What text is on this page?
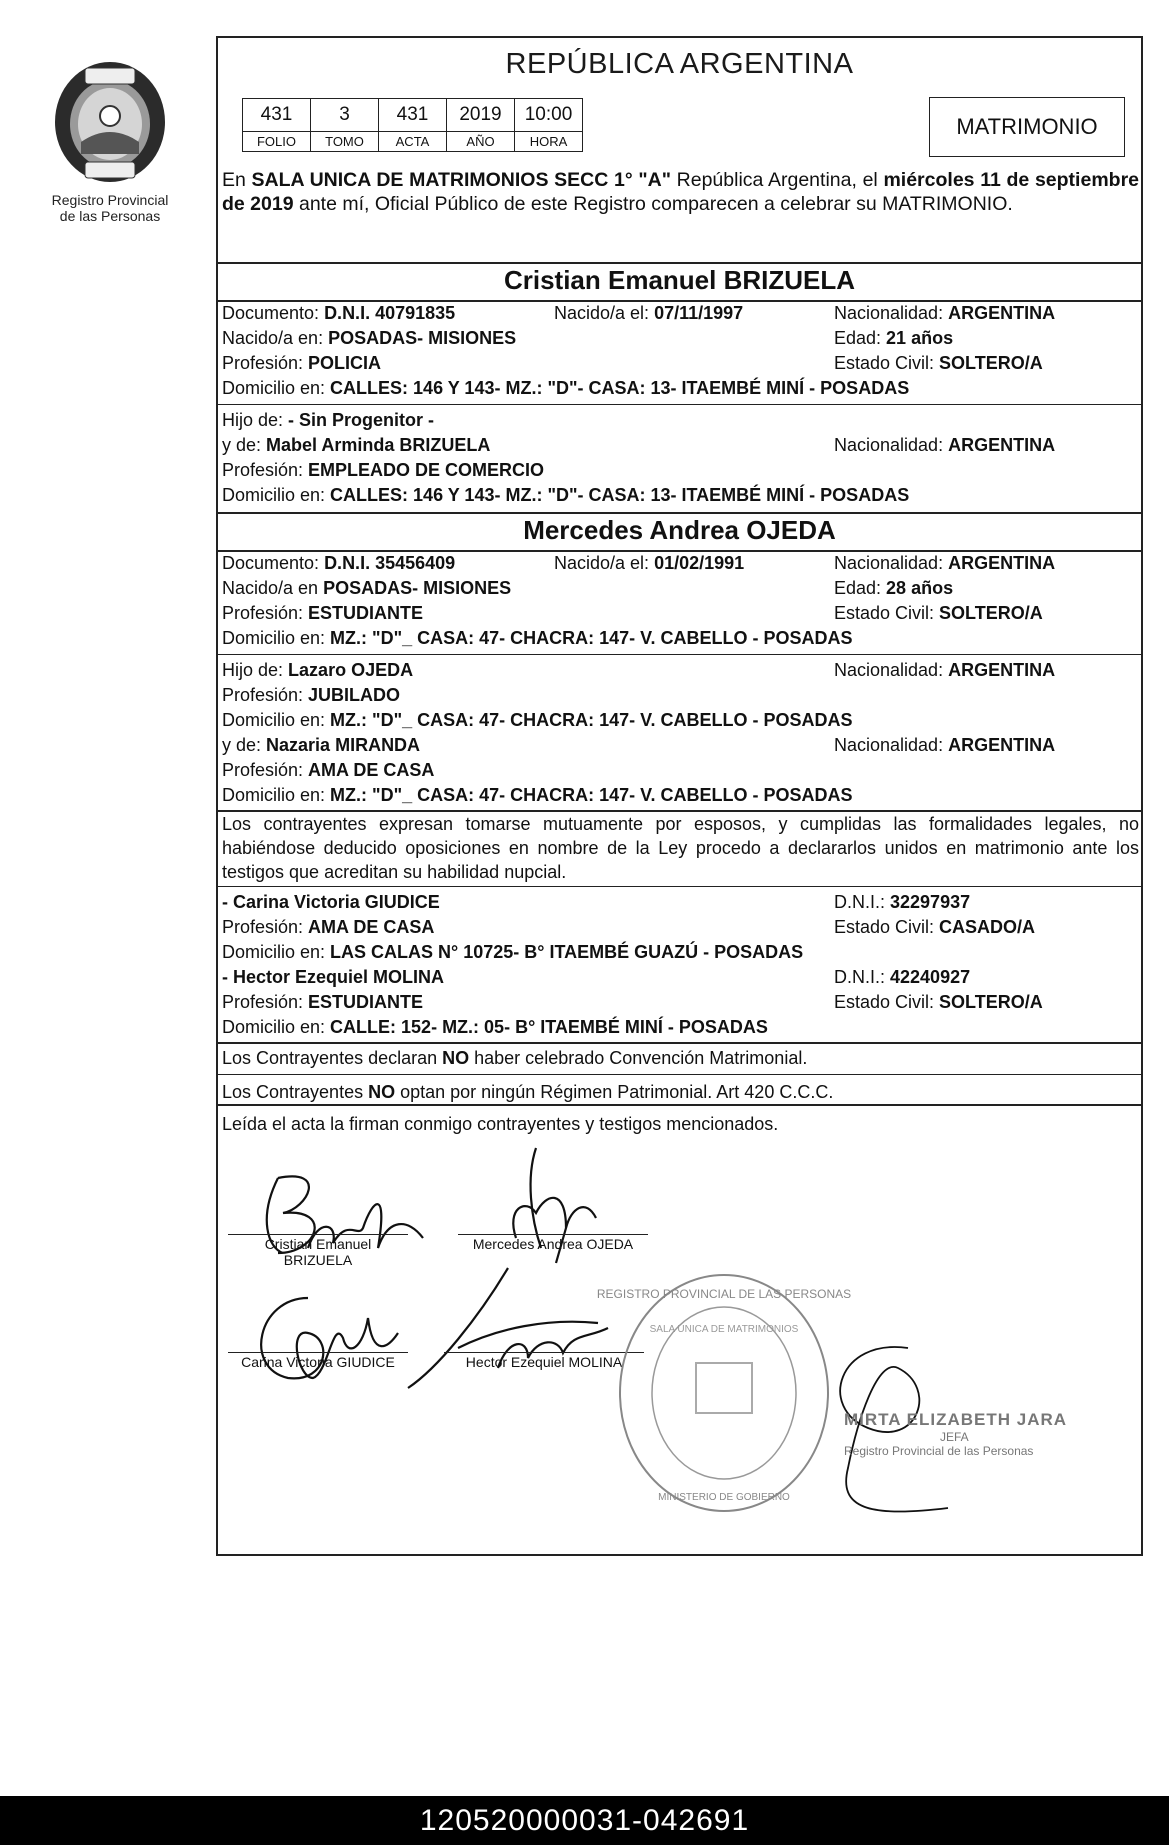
Registro Provincial
de las Personas
REPÚBLICA ARGENTINA
431	3	431	2019	10:00
FOLIO	TOMO	ACTA	AÑO	HORA
MATRIMONIO
En SALA UNICA DE MATRIMONIOS SECC 1° "A" República Argentina, el miércoles 11 de septiembre de 2019 ante mí, Oficial Público de este Registro comparecen a celebrar su MATRIMONIO.
Cristian Emanuel BRIZUELA
Documento: D.N.I. 40791835	Nacido/a el: 07/11/1997	Nacionalidad: ARGENTINA
Nacido/a en: POSADAS- MISIONES	Edad: 21 años
Profesión: POLICIA	Estado Civil: SOLTERO/A
Domicilio en: CALLES: 146 Y 143- MZ.: "D"- CASA: 13- ITAEMBÉ MINÍ - POSADAS
Hijo de: - Sin Progenitor -
y de: Mabel Arminda BRIZUELA	Nacionalidad: ARGENTINA
Profesión: EMPLEADO DE COMERCIO
Domicilio en: CALLES: 146 Y 143- MZ.: "D"- CASA: 13- ITAEMBÉ MINÍ - POSADAS
Mercedes Andrea OJEDA
Documento: D.N.I. 35456409	Nacido/a el: 01/02/1991	Nacionalidad: ARGENTINA
Nacido/a en POSADAS- MISIONES	Edad: 28 años
Profesión: ESTUDIANTE	Estado Civil: SOLTERO/A
Domicilio en: MZ.: "D"_ CASA: 47- CHACRA: 147- V. CABELLO - POSADAS
Hijo de: Lazaro OJEDA	Nacionalidad: ARGENTINA
Profesión: JUBILADO
Domicilio en: MZ.: "D"_ CASA: 47- CHACRA: 147- V. CABELLO - POSADAS
y de: Nazaria MIRANDA	Nacionalidad: ARGENTINA
Profesión: AMA DE CASA
Domicilio en: MZ.: "D"_ CASA: 47- CHACRA: 147- V. CABELLO - POSADAS
Los contrayentes expresan tomarse mutuamente por esposos, y cumplidas las formalidades legales, no habiéndose deducido oposiciones en nombre de la Ley procedo a declararlos unidos en matrimonio ante los testigos que acreditan su habilidad nupcial.
- Carina Victoria GIUDICE	D.N.I.: 32297937
Profesión: AMA DE CASA	Estado Civil: CASADO/A
Domicilio en: LAS CALAS N° 10725- B° ITAEMBÉ GUAZÚ - POSADAS
- Hector Ezequiel MOLINA	D.N.I.: 42240927
Profesión: ESTUDIANTE	Estado Civil: SOLTERO/A
Domicilio en: CALLE: 152- MZ.: 05- B° ITAEMBÉ MINÍ - POSADAS
Los Contrayentes declaran NO haber celebrado Convención Matrimonial.
Los Contrayentes NO optan por ningún Régimen Patrimonial. Art 420 C.C.C.
Leída el acta la firman conmigo contrayentes y testigos mencionados.
Cristian Emanuel
BRIZUELA
Mercedes Andrea OJEDA
Carina Victoria GIUDICE	Hector Ezequiel MOLINA
REGISTRO PROVINCIAL DE LAS PERSONAS
SALA UNICA DE MATRIMONIOS
MINISTERIO DE GOBIERNO
MIRTA ELIZABETH JARA
JEFA
Registro Provincial de las Personas
120520000031-042691
